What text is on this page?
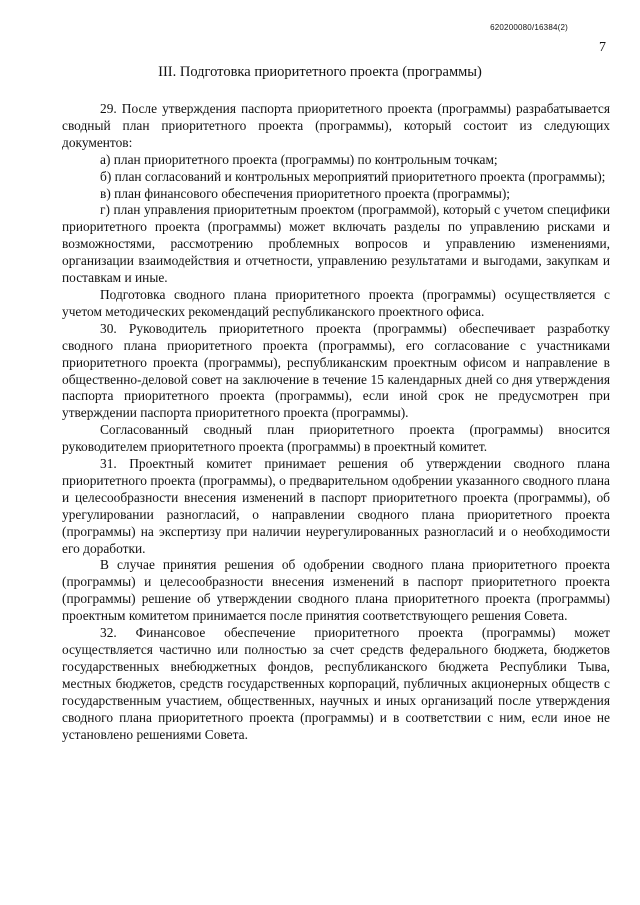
620200080/16384(2)
7
III. Подготовка приоритетного проекта (программы)

29. После утверждения паспорта приоритетного проекта (программы) разрабатывается сводный план приоритетного проекта (программы), который состоит из следующих документов:

а) план приоритетного проекта (программы) по контрольным точкам;

б) план согласований и контрольных мероприятий приоритетного проекта (программы);

в) план финансового обеспечения приоритетного проекта (программы);

г) план управления приоритетным проектом (программой), который с учетом специфики приоритетного проекта (программы) может включать разделы по управлению рисками и возможностями, рассмотрению проблемных вопросов и управлению изменениями, организации взаимодействия и отчетности, управлению результатами и выгодами, закупкам и поставкам и иные.

Подготовка сводного плана приоритетного проекта (программы) осуществляется с учетом методических рекомендаций республиканского проектного офиса.

30. Руководитель приоритетного проекта (программы) обеспечивает разработку сводного плана приоритетного проекта (программы), его согласование с участниками приоритетного проекта (программы), республиканским проектным офисом и направление в общественно-деловой совет на заключение в течение 15 календарных дней со дня утверждения паспорта приоритетного проекта (программы), если иной срок не предусмотрен при утверждении паспорта приоритетного проекта (программы).

Согласованный сводный план приоритетного проекта (программы) вносится руководителем приоритетного проекта (программы) в проектный комитет.

31. Проектный комитет принимает решения об утверждении сводного плана приоритетного проекта (программы), о предварительном одобрении указанного сводного плана и целесообразности внесения изменений в паспорт приоритетного проекта (программы), об урегулировании разногласий, о направлении сводного плана приоритетного проекта (программы) на экспертизу при наличии неурегулированных разногласий и о необходимости его доработки.

В случае принятия решения об одобрении сводного плана приоритетного проекта (программы) и целесообразности внесения изменений в паспорт приоритетного проекта (программы) решение об утверждении сводного плана приоритетного проекта (программы) проектным комитетом принимается после принятия соответствующего решения Совета.

32. Финансовое обеспечение приоритетного проекта (программы) может осуществляется частично или полностью за счет средств федерального бюджета, бюджетов государственных внебюджетных фондов, республиканского бюджета Республики Тыва, местных бюджетов, средств государственных корпораций, публичных акционерных обществ с государственным участием, общественных, научных и иных организаций после утверждения сводного плана приоритетного проекта (программы) и в соответствии с ним, если иное не установлено решениями Совета.
